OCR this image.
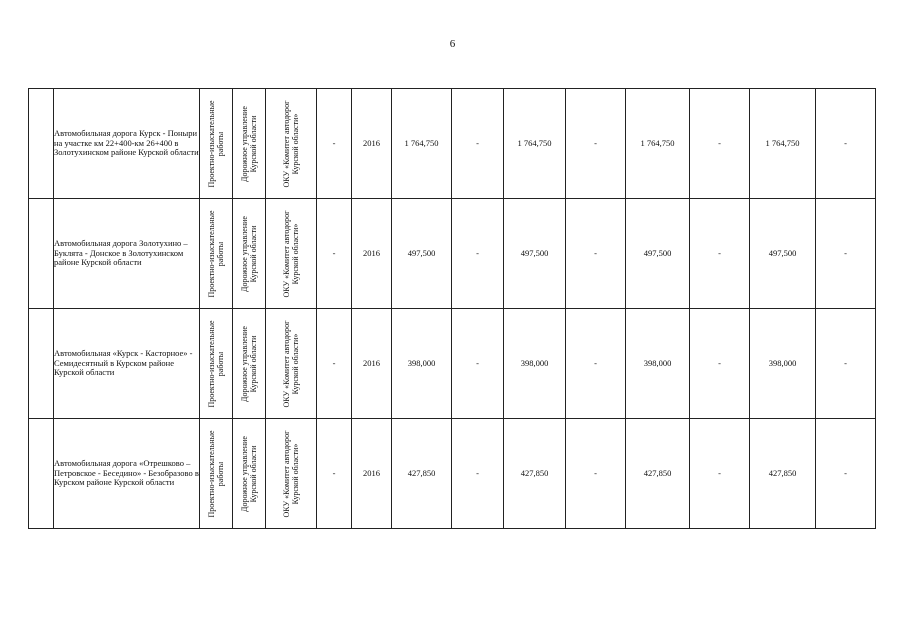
6
	Автомобильная дорога Курск - Поныри на участке км 22+400-км 26+400 в Золотухинском районе Курской области	Проектно-изыскательные работы	Дорожное управление Курской области	ОКУ «Комитет автодорог Курской области»	-	2016	1 764,750	-	1 764,750	-	1 764,750	-	1 764,750	-
	Автомобильная дорога Золотухино – Буклята - Донское в Золотухинском районе Курской области	Проектно-изыскательные работы	Дорожное управление Курской области	ОКУ «Комитет автодорог Курской области»	-	2016	497,500	-	497,500	-	497,500	-	497,500	-
	Автомобильная «Курск - Касторное» - Семидесятный в Курском районе Курской области	Проектно-изыскательные работы	Дорожное управление Курской области	ОКУ «Комитет автодорог Курской области»	-	2016	398,000	-	398,000	-	398,000	-	398,000	-
	Автомобильная дорога «Отрешково – Петровское - Беседино» - Безобразово в Курском районе Курской области	Проектно-изыскательные работы	Дорожное управление Курской области	ОКУ «Комитет автодорог Курской области»	-	2016	427,850	-	427,850	-	427,850	-	427,850	-
